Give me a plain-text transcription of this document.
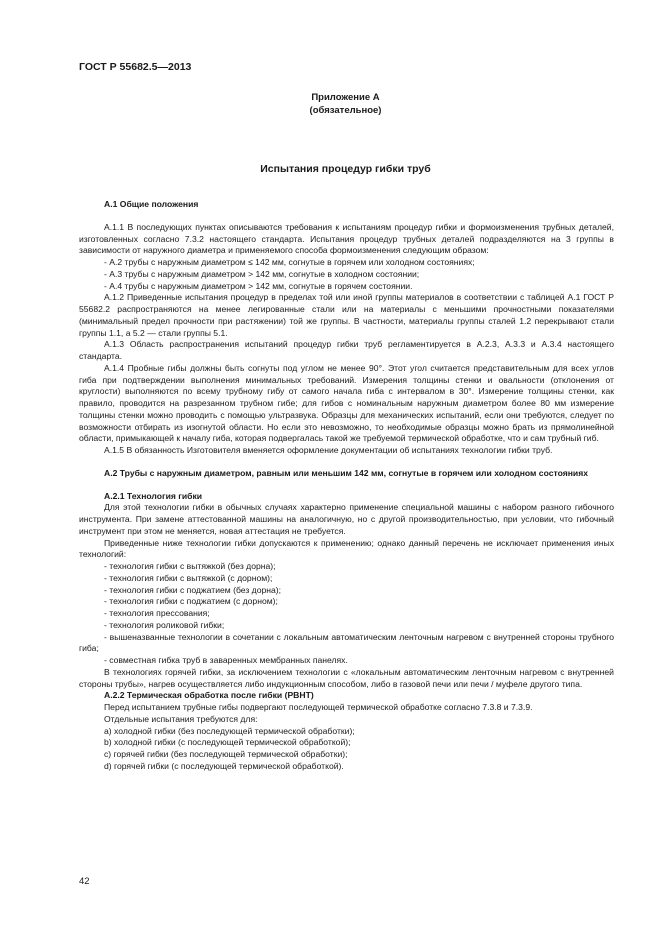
ГОСТ Р 55682.5—2013
Приложение А
(обязательное)
Испытания процедур гибки труб

А.1 Общие положения

А.1.1 В последующих пунктах описываются требования к испытаниям процедур гибки и формоизменения трубных деталей, изготовленных согласно 7.3.2 настоящего стандарта. Испытания процедур трубных деталей подразделяются на 3 группы в зависимости от наружного диаметра и применяемого способа формоизменения следующим образом:

- А.2 трубы с наружным диаметром ≤ 142 мм, согнутые в горячем или холодном состояниях;

- А.3 трубы с наружным диаметром > 142 мм, согнутые в холодном состоянии;

- А.4 трубы с наружным диаметром > 142 мм, согнутые в горячем состоянии.

А.1.2 Приведенные испытания процедур в пределах той или иной группы материалов в соответствии с таблицей А.1 ГОСТ Р 55682.2 распространяются на менее легированные стали или на материалы с меньшими прочностными показателями (минимальный предел прочности при растяжении) той же группы. В частности, материалы группы сталей 1.2 перекрывают стали группы 1.1, а 5.2 — стали группы 5.1.

А.1.3 Область распространения испытаний процедур гибки труб регламентируется в А.2.3, А.3.3 и А.3.4 настоящего стандарта.

А.1.4 Пробные гибы должны быть согнуты под углом не менее 90°. Этот угол считается представительным для всех углов гиба при подтверждении выполнения минимальных требований. Измерения толщины стенки и овальности (отклонения от круглости) выполняются по всему трубному гибу от самого начала гиба с интервалом в 30°. Измерение толщины стенки, как правило, проводится на разрезанном трубном гибе; для гибов с номинальным наружным диаметром более 80 мм измерение толщины стенки можно проводить с помощью ультразвука. Образцы для механических испытаний, если они требуются, следует по возможности отбирать из изогнутой области. Но если это невозможно, то необходимые образцы можно брать из прямолинейной области, примыкающей к началу гиба, которая подвергалась такой же требуемой термической обработке, что и сам трубный гиб.

А.1.5 В обязанность Изготовителя вменяется оформление документации об испытаниях технологии гибки труб.

А.2 Трубы с наружным диаметром, равным или меньшим 142 мм, согнутые в горячем или холодном состояниях

А.2.1 Технология гибки

Для этой технологии гибки в обычных случаях характерно применение специальной машины с набором разного гибочного инструмента. При замене аттестованной машины на аналогичную, но с другой производительностью, при условии, что гибочный инструмент при этом не меняется, новая аттестация не требуется.

Приведенные ниже технологии гибки допускаются к применению; однако данный перечень не исключает применения иных технологий:

- технология гибки с вытяжкой (без дорна);

- технология гибки с вытяжкой (с дорном);

- технология гибки с поджатием (без дорна);

- технология гибки с поджатием (с дорном);

- технология прессования;

- технология роликовой гибки;

- вышеназванные технологии в сочетании с локальным автоматическим ленточным нагревом с внутренней стороны трубного гиба;

- совместная гибка труб в заваренных мембранных панелях.

В технологиях горячей гибки, за исключением технологии с «локальным автоматическим ленточным нагревом с внутренней стороны трубы», нагрев осуществляется либо индукционным способом, либо в газовой печи или печи / муфеле другого типа.

А.2.2 Термическая обработка после гибки (PBHT)

Перед испытанием трубные гибы подвергают последующей термической обработке согласно 7.3.8 и 7.3.9.

Отдельные испытания требуются для:

a) холодной гибки (без последующей термической обработки);

b) холодной гибки (с последующей термической обработкой);

c) горячей гибки (без последующей термической обработки);

d) горячей гибки (с последующей термической обработкой).

42
